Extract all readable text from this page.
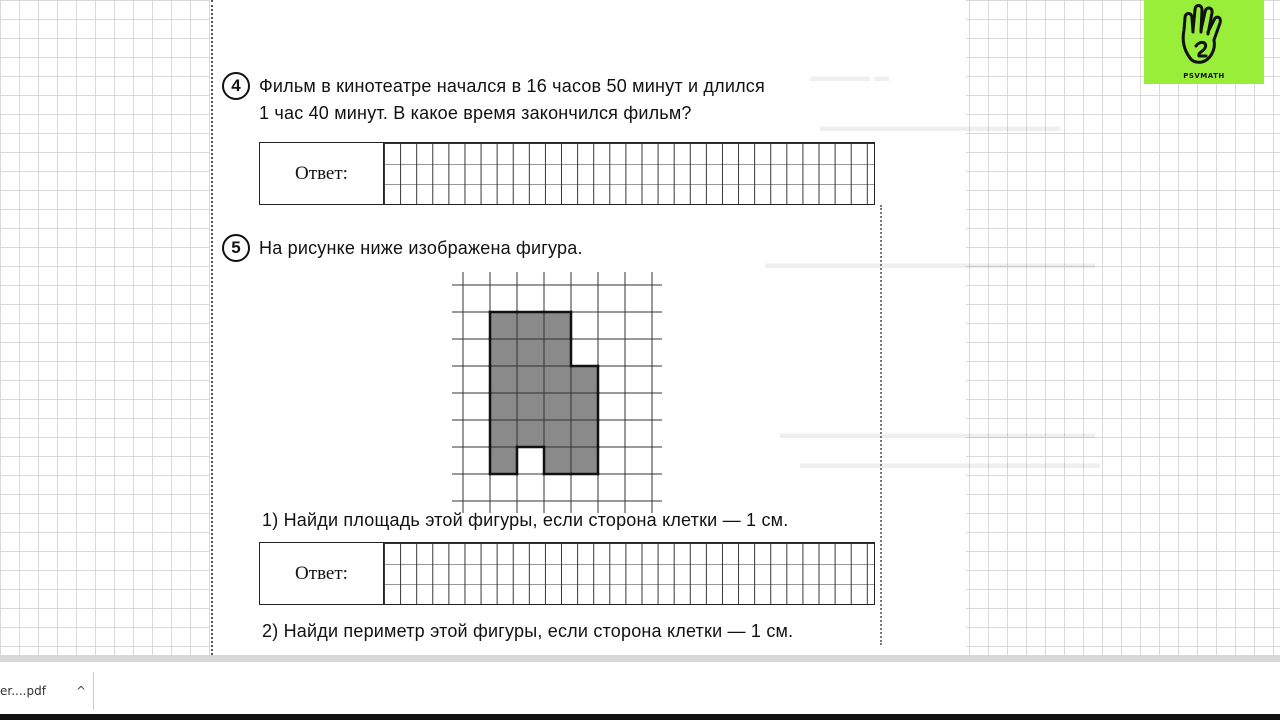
▬▬▬▬ ▬
▬▬▬▬▬▬▬▬▬▬▬▬▬▬▬▬
▬▬▬▬▬▬▬▬▬▬▬▬▬▬▬▬▬▬▬▬▬▬
▬▬▬▬▬▬▬▬▬▬▬▬▬▬▬▬▬▬▬▬▬
▬▬▬▬▬▬▬▬▬▬▬▬▬▬▬▬▬▬▬▬
4	Фильм в кинотеатре начался в 16 часов 50 минут и длился
1 час 40 минут. В какое время закончился фильм?
Ответ:
5	На рисунке ниже изображена фигура.
1) Найди площадь этой фигуры, если сторона клетки — 1 см.
Ответ:
2) Найди периметр этой фигуры, если сторона клетки — 1 см.
PSVMATH
er....pdf	^
